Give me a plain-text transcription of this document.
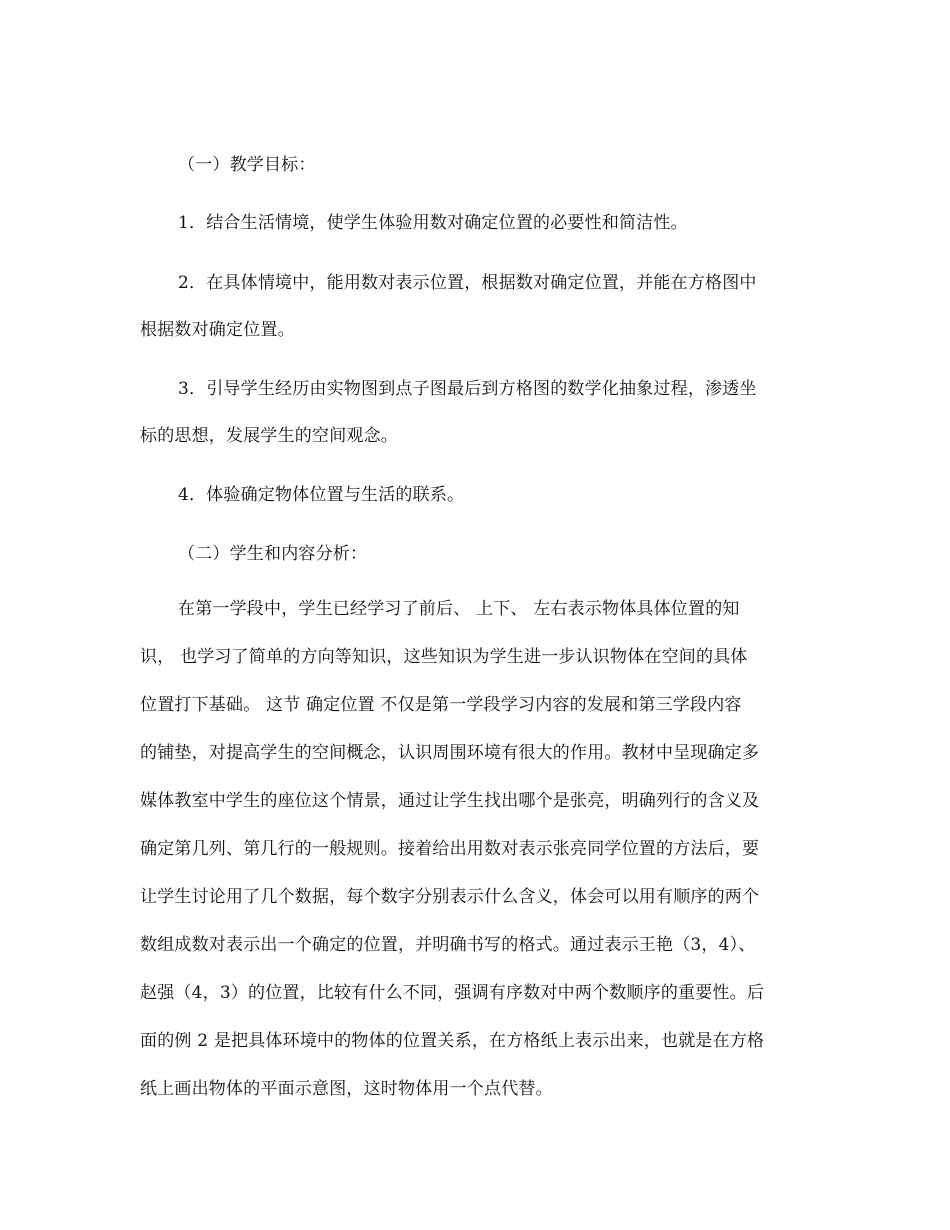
（一）教学目标：
1．结合生活情境，使学生体验用数对确定位置的必要性和简洁性。
2．在具体情境中，能用数对表示位置，根据数对确定位置，并能在方格图中
根据数对确定位置。
3．引导学生经历由实物图到点子图最后到方格图的数学化抽象过程，渗透坐
标的思想，发展学生的空间观念。
4．体验确定物体位置与生活的联系。
（二）学生和内容分析：
在第一学段中，学生已经学习了前后、 上下、 左右表示物体具体位置的知
识， 也学习了简单的方向等知识，这些知识为学生进一步认识物体在空间的具体
位置打下基础。 这节 确定位置 不仅是第一学段学习内容的发展和第三学段内容
的铺垫，对提高学生的空间概念，认识周围环境有很大的作用。教材中呈现确定多
媒体教室中学生的座位这个情景，通过让学生找出哪个是张亮，明确列行的含义及
确定第几列、第几行的一般规则。接着给出用数对表示张亮同学位置的方法后，要
让学生讨论用了几个数据，每个数字分别表示什么含义，体会可以用有顺序的两个
数组成数对表示出一个确定的位置，并明确书写的格式。通过表示王艳（3，4）、
赵强（4，3）的位置，比较有什么不同，强调有序数对中两个数顺序的重要性。后
面的例 2 是把具体环境中的物体的位置关系，在方格纸上表示出来，也就是在方格
纸上画出物体的平面示意图，这时物体用一个点代替。
